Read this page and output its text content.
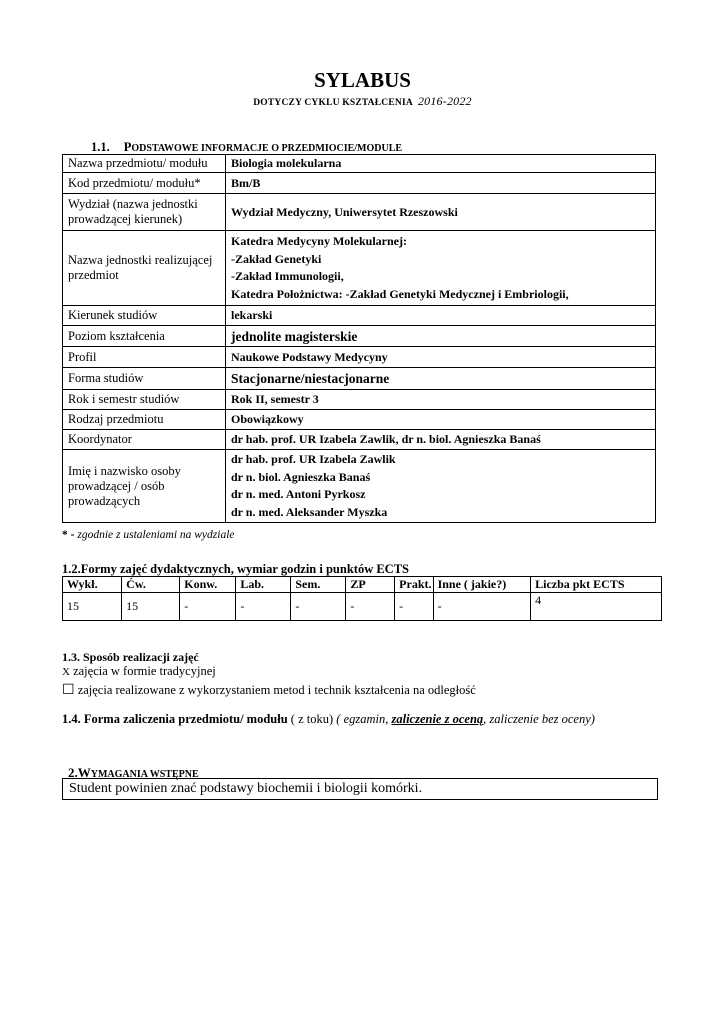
SYLABUS
DOTYCZY CYKLU KSZTAŁCENIA 2016-2022
1.1. PODSTAWOWE INFORMACJE O PRZEDMIOCIE/MODULE
Nazwa przedmiotu/ modułu	Biologia molekularna
Kod przedmiotu/ modułu*	Bm/B
Wydział (nazwa jednostki prowadzącej kierunek)	Wydział Medyczny, Uniwersytet Rzeszowski
Nazwa jednostki realizującej przedmiot	Katedra Medycyny Molekularnej:
-Zakład Genetyki
-Zakład Immunologii,
Katedra Położnictwa: -Zakład Genetyki Medycznej i Embriologii,

Kierunek studiów	lekarski
Poziom kształcenia	jednolite magisterskie
Profil	Naukowe Podstawy Medycyny
Forma studiów	Stacjonarne/niestacjonarne
Rok i semestr studiów	Rok II, semestr 3
Rodzaj przedmiotu	Obowiązkowy
Koordynator	dr hab. prof. UR Izabela Zawlik, dr n. biol. Agnieszka Banaś
Imię i nazwisko osoby prowadzącej / osób prowadzących	dr hab. prof. UR Izabela Zawlik
dr n. biol. Agnieszka Banaś
dr n. med. Antoni Pyrkosz
dr n. med. Aleksander Myszka
* - zgodnie z ustaleniami na wydziale
1.2.Formy zajęć dydaktycznych, wymiar godzin i punktów ECTS
Wykł.	Ćw.	Konw.	Lab.	Sem.	ZP	Prakt.	Inne ( jakie?)	Liczba pkt ECTS
15	15	-	-	-	-	-	-	4
1.3. Sposób realizacji zajęć
X zajęcia w formie tradycyjnej
☐ zajęcia realizowane z wykorzystaniem metod i technik kształcenia na odległość
1.4. Forma zaliczenia przedmiotu/ modułu ( z toku) ( egzamin, zaliczenie z oceną, zaliczenie bez oceny)
2.WYMAGANIA WSTĘPNE
Student powinien znać podstawy biochemii i biologii komórki.
